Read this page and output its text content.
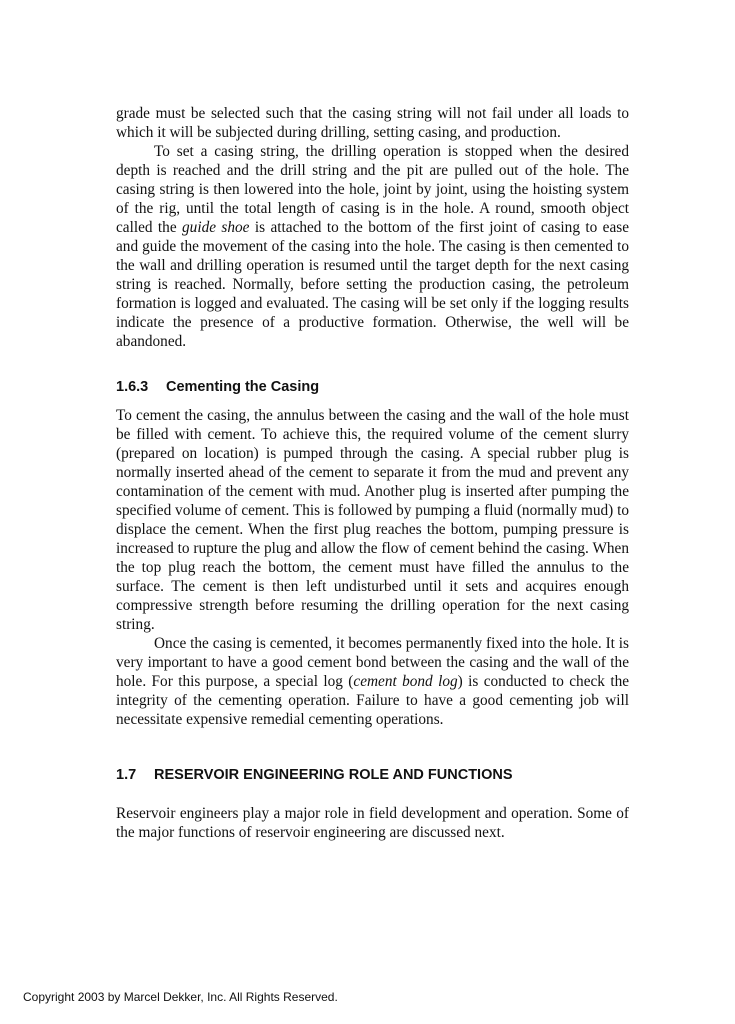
grade must be selected such that the casing string will not fail under all loads to which it will be subjected during drilling, setting casing, and production.

To set a casing string, the drilling operation is stopped when the desired depth is reached and the drill string and the pit are pulled out of the hole. The casing string is then lowered into the hole, joint by joint, using the hoisting system of the rig, until the total length of casing is in the hole. A round, smooth object called the guide shoe is attached to the bottom of the first joint of casing to ease and guide the movement of the casing into the hole. The casing is then cemented to the wall and drilling operation is resumed until the target depth for the next casing string is reached. Normally, before setting the production casing, the petroleum formation is logged and evaluated. The casing will be set only if the logging results indicate the presence of a productive formation. Otherwise, the well will be abandoned.

1.6.3 Cementing the Casing

To cement the casing, the annulus between the casing and the wall of the hole must be filled with cement. To achieve this, the required volume of the cement slurry (prepared on location) is pumped through the casing. A special rubber plug is normally inserted ahead of the cement to separate it from the mud and prevent any contamination of the cement with mud. Another plug is inserted after pumping the specified volume of cement. This is followed by pumping a fluid (normally mud) to displace the cement. When the first plug reaches the bottom, pumping pressure is increased to rupture the plug and allow the flow of cement behind the casing. When the top plug reach the bottom, the cement must have filled the annulus to the surface. The cement is then left undisturbed until it sets and acquires enough compressive strength before resuming the drilling operation for the next casing string.

Once the casing is cemented, it becomes permanently fixed into the hole. It is very important to have a good cement bond between the casing and the wall of the hole. For this purpose, a special log (cement bond log) is conducted to check the integrity of the cementing operation. Failure to have a good cementing job will necessitate expensive remedial cementing operations.

1.7 RESERVOIR ENGINEERING ROLE AND FUNCTIONS

Reservoir engineers play a major role in field development and operation. Some of the major functions of reservoir engineering are discussed next.

Copyright 2003 by Marcel Dekker, Inc. All Rights Reserved.
